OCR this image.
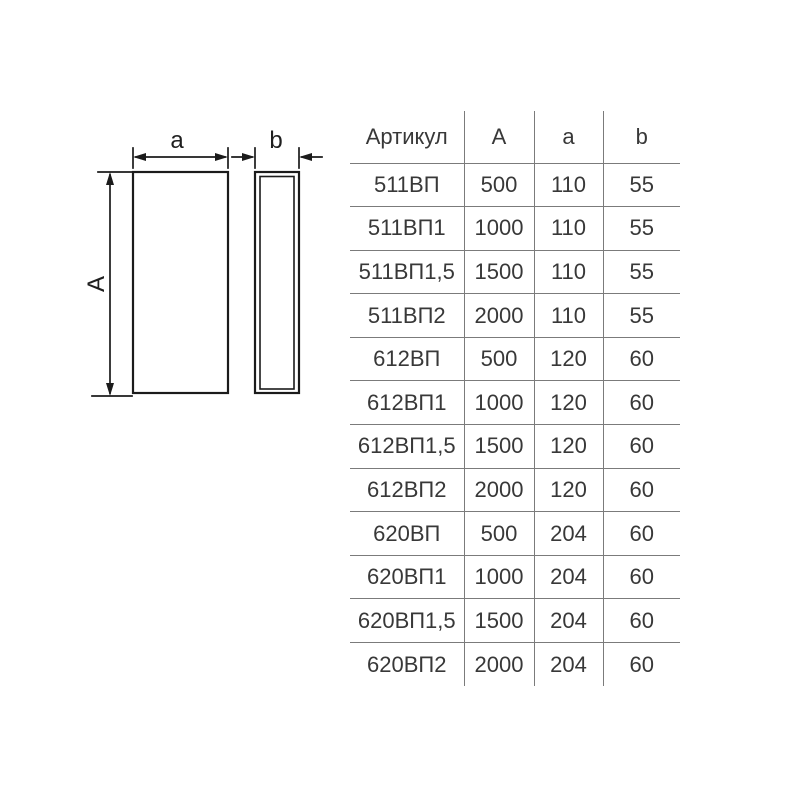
a	b
A
Артикул	А	а	b
511ВП	500	110	55
511ВП1	1000	110	55
511ВП1,5	1500	110	55
511ВП2	2000	110	55
612ВП	500	120	60
612ВП1	1000	120	60
612ВП1,5	1500	120	60
612ВП2	2000	120	60
620ВП	500	204	60
620ВП1	1000	204	60
620ВП1,5	1500	204	60
620ВП2	2000	204	60
